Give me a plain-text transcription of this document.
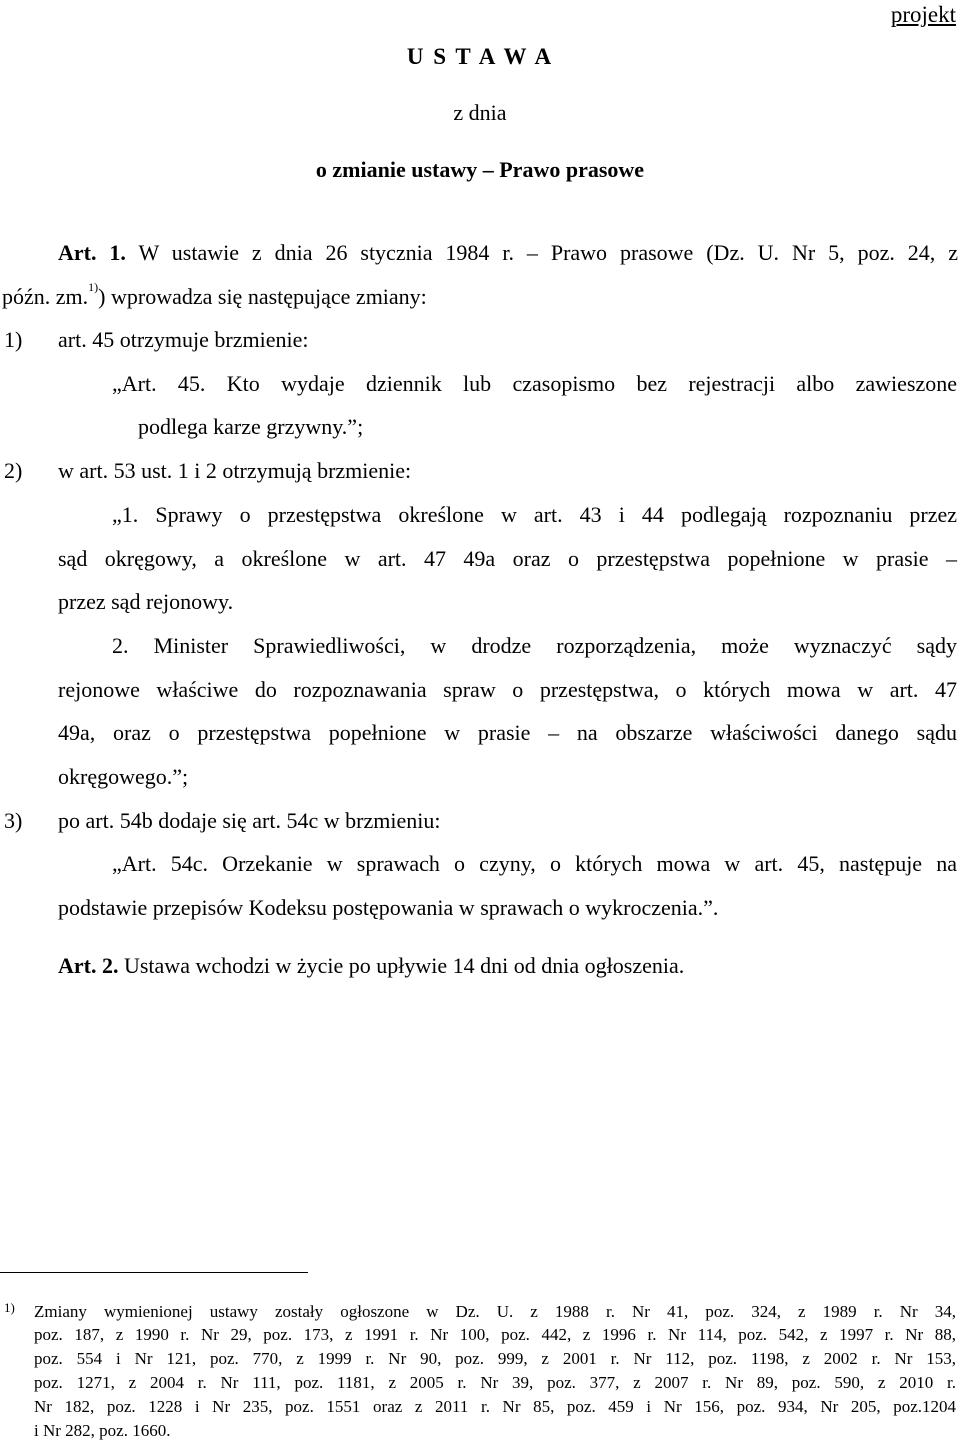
projekt
U S T A W A
z dnia
o zmianie ustawy – Prawo prasowe
Art. 1. W ustawie z dnia 26 stycznia 1984 r. – Prawo prasowe (Dz. U. Nr 5, poz. 24, z
późn. zm.$^{1)}$) wprowadza się następujące zmiany:
1) art. 45 otrzymuje brzmienie:
„Art. 45. Kto wydaje dziennik lub czasopismo bez rejestracji albo zawieszone
podlega karze grzywny.”;
2) w art. 53 ust. 1 i 2 otrzymują brzmienie:
„1. Sprawy o przestępstwa określone w art. 43 i 44 podlegają rozpoznaniu przez
sąd okręgowy, a określone w art. 47 49a oraz o przestępstwa popełnione w prasie –
przez sąd rejonowy.
2. Minister Sprawiedliwości, w drodze rozporządzenia, może wyznaczyć sądy
rejonowe właściwe do rozpoznawania spraw o przestępstwa, o których mowa w art. 47
49a, oraz o przestępstwa popełnione w prasie – na obszarze właściwości danego sądu
okręgowego.”;
3) po art. 54b dodaje się art. 54c w brzmieniu:
„Art. 54c. Orzekanie w sprawach o czyny, o których mowa w art. 45, następuje na
podstawie przepisów Kodeksu postępowania w sprawach o wykroczenia.”.
Art. 2. Ustawa wchodzi w życie po upływie 14 dni od dnia ogłoszenia.
1) Zmiany wymienionej ustawy zostały ogłoszone w Dz. U. z 1988 r. Nr 41, poz. 324, z 1989 r. Nr 34,
poz. 187, z 1990 r. Nr 29, poz. 173, z 1991 r. Nr 100, poz. 442, z 1996 r. Nr 114, poz. 542, z 1997 r. Nr 88,
poz. 554 i Nr 121, poz. 770, z 1999 r. Nr 90, poz. 999, z 2001 r. Nr 112, poz. 1198, z 2002 r. Nr 153,
poz. 1271, z 2004 r. Nr 111, poz. 1181, z 2005 r. Nr 39, poz. 377, z 2007 r. Nr 89, poz. 590, z 2010 r.
Nr 182, poz. 1228 i Nr 235, poz. 1551 oraz z 2011 r. Nr 85, poz. 459 i Nr 156, poz. 934, Nr 205, poz.1204
i Nr 282, poz. 1660.
